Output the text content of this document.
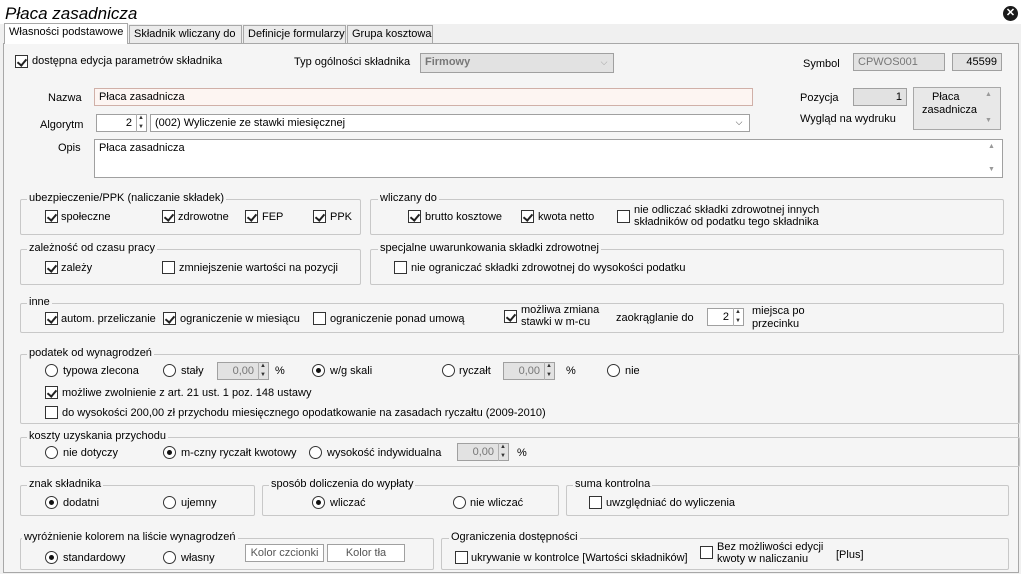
Płaca zasadnicza	✕
Własności podstawowe Składnik wliczany do	Definicje formularzy Grupa kosztowa
dostępna edycja parametrów składnika	Typ ogólności składnika	Firmowy	⌵	Symbol	CPWOS001	45599
Nazwa	Płaca zasadnicza	Pozycja	1	Płaca
zasadnicza
▲
▼
Wygląd na wydruku
Algorytm	2	▲
▼	(002) Wyliczenie ze stawki miesięcznej	⌵
Opis	Płaca zasadnicza	▲
▼
ubezpieczenie/PPK (naliczanie składek)
społeczne	zdrowotne	FEP	PPK
wliczany do
brutto kosztowe	kwota netto
nie odliczać składki zdrowotnej innych
składników od podatku tego składnika
zależność od czasu pracy
zależy	zmniejszenie wartości na pozycji
specjalne uwarunkowania składki zdrowotnej
nie ograniczać składki zdrowotnej do wysokości podatku
inne
autom. przeliczanie ograniczenie w miesiącu	ograniczenie ponad umową
możliwa zmiana
stawki w m-cu	zaokrąglanie do	2	▲
▼
miejsca po
przecinku
podatek od wynagrodzeń
typowa zlecona	stały	0,00	▲
▼ %	w/g skali	ryczałt	0,00	▲
▼ %	nie
możliwe zwolnienie z art. 21 ust. 1 poz. 148 ustawy
do wysokości 200,00 zł przychodu miesięcznego opodatkowanie na zasadach ryczałtu (2009-2010)
koszty uzyskania przychodu
nie dotyczy	m-czny ryczałt kwotowy	wysokość indywidualna	0,00	▲
▼ %
znak składnika
dodatni	ujemny
sposób doliczenia do wypłaty
wliczać	nie wliczać
suma kontrolna
uwzględniać do wyliczenia
wyróżnienie kolorem na liście wynagrodzeń
standardowy	własny	Kolor czcionki	Kolor tła
Ograniczenia dostępności
ukrywanie w kontrolce [Wartości składników]
Bez możliwości edycji
kwoty w naliczaniu	[Plus]
